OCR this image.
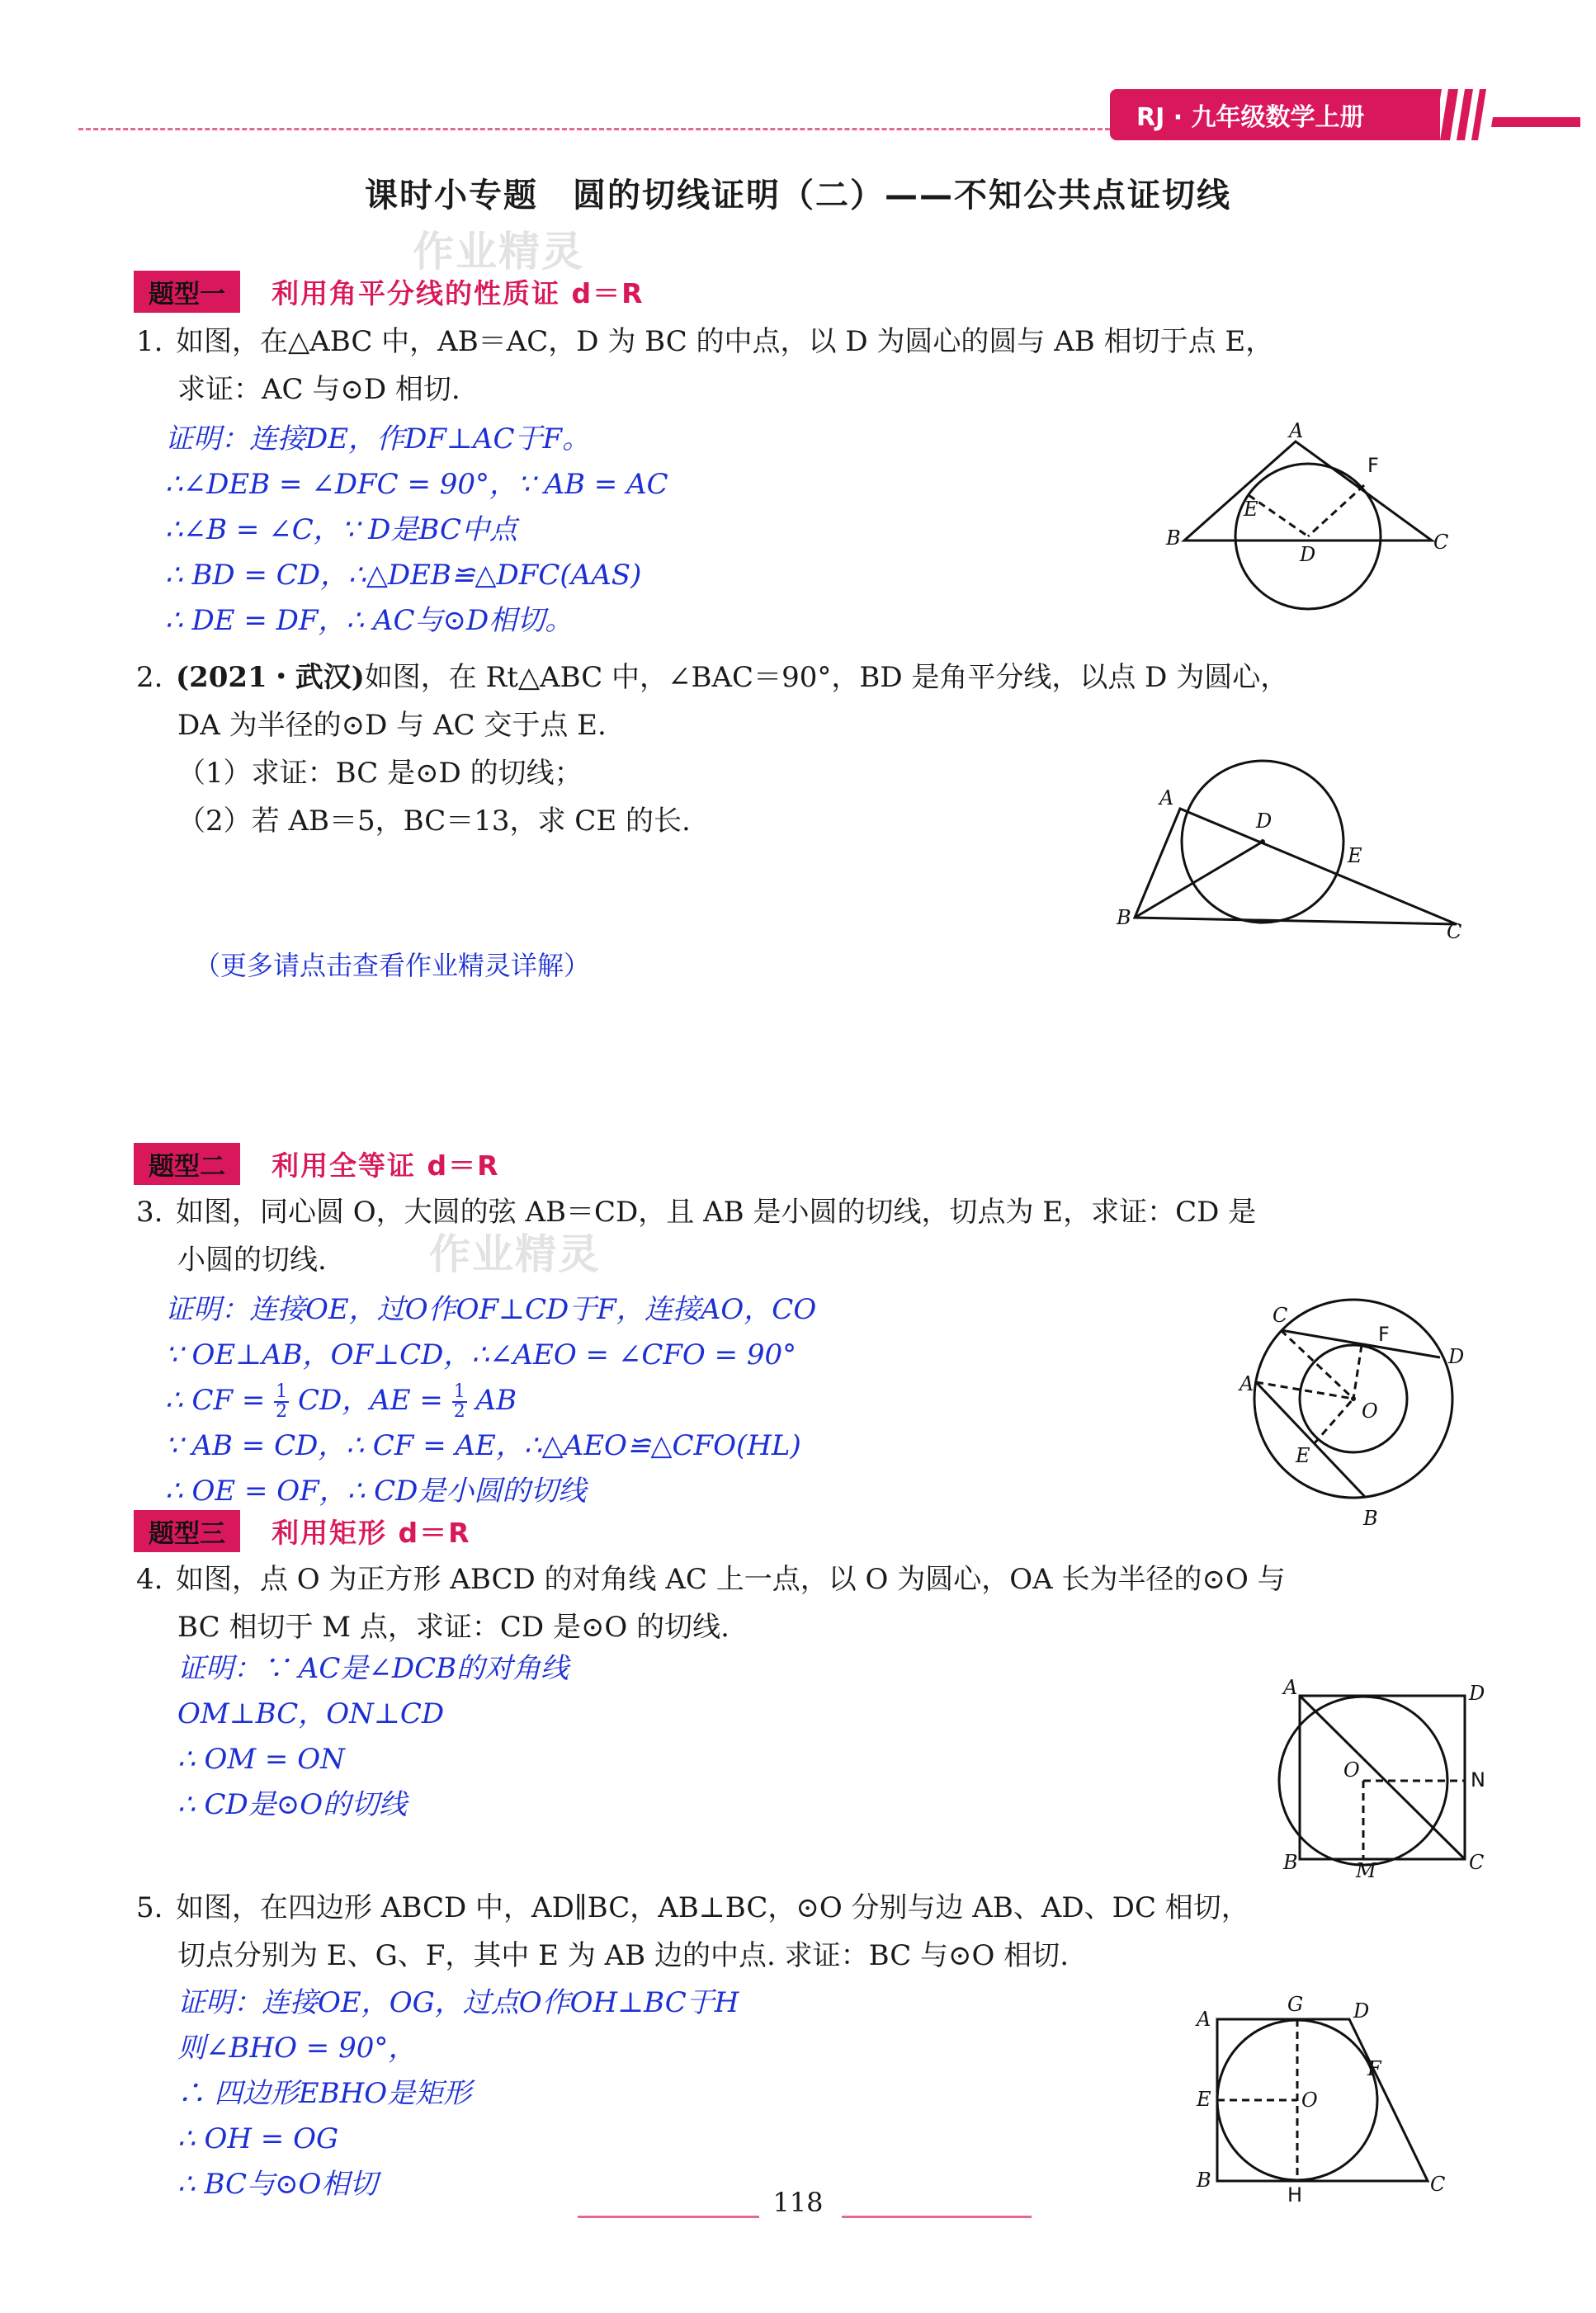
RJ · 九年级数学上册
课时小专题　圆的切线证明（二）——不知公共点证切线
作业精灵
题型一	利用角平分线的性质证 d＝R
1. 如图，在△ABC 中，AB＝AC，D 为 BC 的中点，以 D 为圆心的圆与 AB 相切于点 E，
求证：AC 与⊙D 相切.
证明：连接DE，作DF⊥AC于F。
∴∠DEB = ∠DFC = 90°，∵ AB = AC
∴∠B = ∠C，∵ D是BC中点
∴ BD = CD，∴△DEB≌△DFC(AAS)
∴ DE = DF，∴ AC与⊙D相切。
A
B	C
D
E
F
2. (2021・武汉)如图，在 Rt△ABC 中，∠BAC＝90°，BD 是角平分线，以点 D 为圆心，
DA 为半径的⊙D 与 AC 交于点 E.
（1）求证：BC 是⊙D 的切线；
（2）若 AB＝5，BC＝13，求 CE 的长.
A
B
C
D
E
（更多请点击查看作业精灵详解）
题型二	利用全等证 d＝R
作业精灵
3. 如图，同心圆 O，大圆的弦 AB＝CD，且 AB 是小圆的切线，切点为 E，求证：CD 是
小圆的切线.
证明：连接OE，过O作OF⊥CD于F，连接AO，CO
∵ OE⊥AB，OF⊥CD，∴∠AEO = ∠CFO = 90°
∴ CF = $\frac{1}{2}$ CD，AE = $\frac{1}{2}$ AB
∵ AB = CD，∴ CF = AE，∴△AEO≌△CFO(HL)
∴ OE = OF，∴ CD是小圆的切线
A
B
C
D
E
F
O
题型三	利用矩形 d＝R
4. 如图，点 O 为正方形 ABCD 的对角线 AC 上一点，以 O 为圆心，OA 长为半径的⊙O 与
BC 相切于 M 点，求证：CD 是⊙O 的切线.
证明：∵ AC是∠DCB的对角线
OM⊥BC，ON⊥CD
∴ OM = ON
∴ CD是⊙O的切线
A
B	C
D
M
N
O
5. 如图，在四边形 ABCD 中，AD∥BC，AB⊥BC，⊙O 分别与边 AB、AD、DC 相切，
切点分别为 E、G、F，其中 E 为 AB 边的中点. 求证：BC 与⊙O 相切.
证明：连接OE，OG，过点O作OH⊥BC于H
则∠BHO = 90°，
∴ 四边形EBHO是矩形
∴ OH = OG
∴ BC与⊙O相切
A
B	C
D
E
F
G
H
O
118
